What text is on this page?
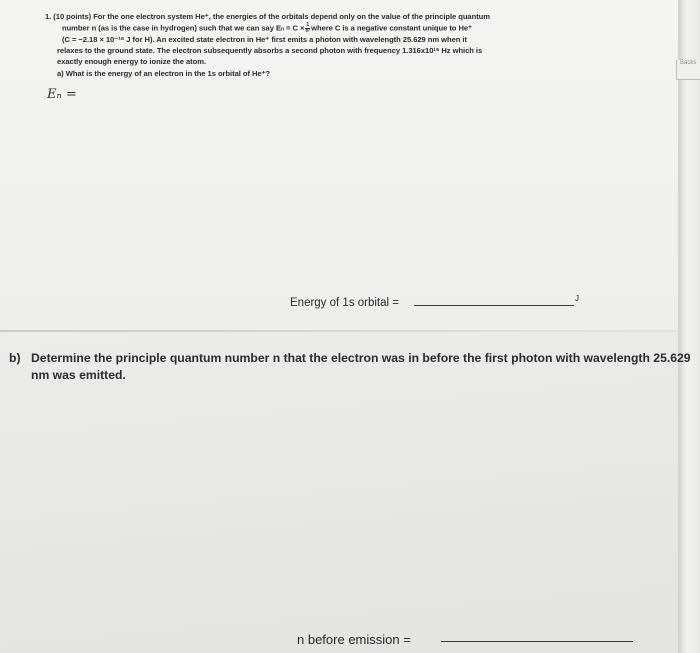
Backs
1. (10 points) For the one electron system He⁺, the energies of the orbitals depend only on the value of the principle quantum
number n (as is the case in hydrogen) such that we can say $En = C \times \frac{1}{\text{n²}}$ where C is a negative constant unique to He⁺
(C = −2.18 × 10⁻¹⁸ J for H). An excited state electron in He⁺ first emits a photon with wavelength 25.629 nm when it
relaxes to the ground state. The electron subsequently absorbs a second photon with frequency 1.316x10¹⁶ Hz which is
exactly enough energy to ionize the atom.
a) What is the energy of an electron in the 1s orbital of He⁺?
Eₙ =
Energy of 1s orbital =	J
b) Determine the principle quantum number n that the electron was in before the first photon with wavelength 25.629
nm was emitted.
n before emission =
